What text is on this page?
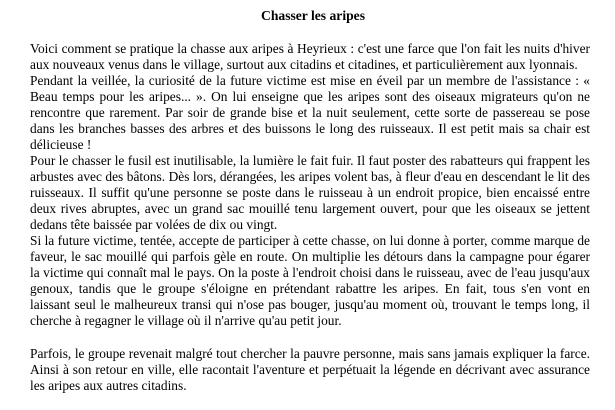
Chasser les aripes

Voici comment se pratique la chasse aux aripes à Heyrieux : c'est une farce que l'on fait les nuits d'hiver aux nouveaux venus dans le village, surtout aux citadins et citadines, et particulièrement aux lyonnais.

Pendant la veillée, la curiosité de la future victime est mise en éveil par un membre de l'assistance : « Beau temps pour les aripes... ». On lui enseigne que les aripes sont des oiseaux migrateurs qu'on ne rencontre que rarement. Par soir de grande bise et la nuit seulement, cette sorte de passereau se pose dans les branches basses des arbres et des buissons le long des ruisseaux. Il est petit mais sa chair est délicieuse !

Pour le chasser le fusil est inutilisable, la lumière le fait fuir. Il faut poster des rabatteurs qui frappent les arbustes avec des bâtons. Dès lors, dérangées, les aripes volent bas, à fleur d'eau en descendant le lit des ruisseaux. Il suffit qu'une personne se poste dans le ruisseau à un endroit propice, bien encaissé entre deux rives abruptes, avec un grand sac mouillé tenu largement ouvert, pour que les oiseaux se jettent dedans tête baissée par volées de dix ou vingt.

Si la future victime, tentée, accepte de participer à cette chasse, on lui donne à porter, comme marque de faveur, le sac mouillé qui parfois gèle en route. On multiplie les détours dans la campagne pour égarer la victime qui connaît mal le pays. On la poste à l'endroit choisi dans le ruisseau, avec de l'eau jusqu'aux genoux, tandis que le groupe s'éloigne en prétendant rabattre les aripes. En fait, tous s'en vont en laissant seul le malheureux transi qui n'ose pas bouger, jusqu'au moment où, trouvant le temps long, il cherche à regagner le village où il n'arrive qu'au petit jour.

Parfois, le groupe revenait malgré tout chercher la pauvre personne, mais sans jamais expliquer la farce. Ainsi à son retour en ville, elle racontait l'aventure et perpétuait la légende en décrivant avec assurance les aripes aux autres citadins.
